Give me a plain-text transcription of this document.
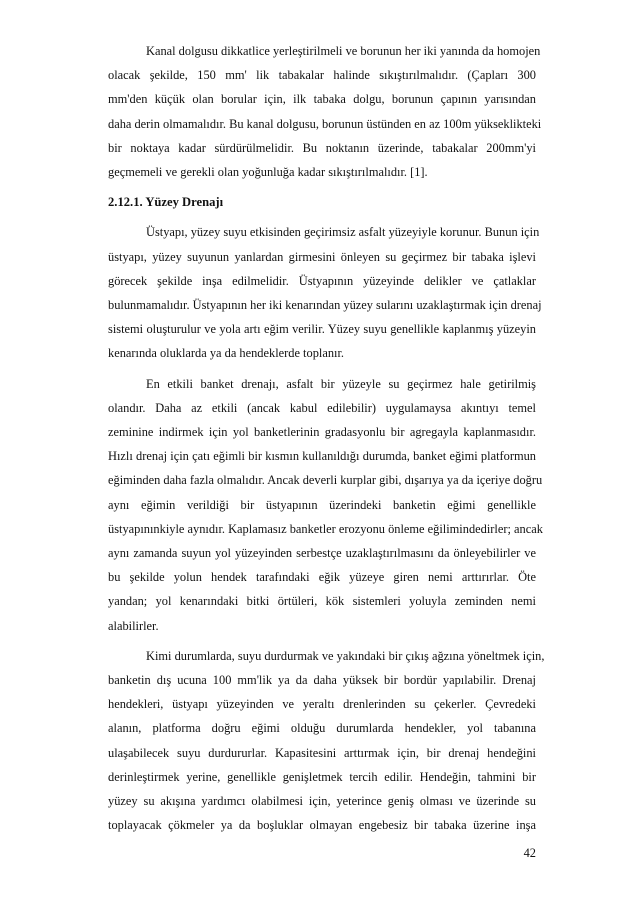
Kanal dolgusu dikkatlice yerleştirilmeli ve borunun her iki yanında da homojen
olacak şekilde, 150 mm' lik tabakalar halinde sıkıştırılmalıdır. (Çapları 300
mm'den küçük olan borular için, ilk tabaka dolgu, borunun çapının yarısından
daha derin olmamalıdır. Bu kanal dolgusu, borunun üstünden en az 100m yükseklikteki
bir noktaya kadar sürdürülmelidir. Bu noktanın üzerinde, tabakalar 200mm'yi
geçmemeli ve gerekli olan yoğunluğa kadar sıkıştırılmalıdır. [1].
2.12.1. Yüzey Drenajı
Üstyapı, yüzey suyu etkisinden geçirimsiz asfalt yüzeyiyle korunur. Bunun için
üstyapı, yüzey suyunun yanlardan girmesini önleyen su geçirmez bir tabaka işlevi
görecek şekilde inşa edilmelidir. Üstyapının yüzeyinde delikler ve çatlaklar
bulunmamalıdır. Üstyapının her iki kenarından yüzey sularını uzaklaştırmak için drenaj
sistemi oluşturulur ve yola artı eğim verilir. Yüzey suyu genellikle kaplanmış yüzeyin
kenarında oluklarda ya da hendeklerde toplanır.
En etkili banket drenajı, asfalt bir yüzeyle su geçirmez hale getirilmiş
olandır. Daha az etkili (ancak kabul edilebilir) uygulamaysa akıntıyı temel
zeminine indirmek için yol banketlerinin gradasyonlu bir agregayla kaplanmasıdır.
Hızlı drenaj için çatı eğimli bir kısmın kullanıldığı durumda, banket eğimi platformun
eğiminden daha fazla olmalıdır. Ancak deverli kurplar gibi, dışarıya ya da içeriye doğru
aynı eğimin verildiği bir üstyapının üzerindeki banketin eğimi genellikle
üstyapınınkiyle aynıdır. Kaplamasız banketler erozyonu önleme eğilimindedirler; ancak
aynı zamanda suyun yol yüzeyinden serbestçe uzaklaştırılmasını da önleyebilirler ve
bu şekilde yolun hendek tarafındaki eğik yüzeye giren nemi arttırırlar. Öte
yandan; yol kenarındaki bitki örtüleri, kök sistemleri yoluyla zeminden nemi
alabilirler.
Kimi durumlarda, suyu durdurmak ve yakındaki bir çıkış ağzına yöneltmek için,
banketin dış ucuna 100 mm'lik ya da daha yüksek bir bordür yapılabilir. Drenaj
hendekleri, üstyapı yüzeyinden ve yeraltı drenlerinden su çekerler. Çevredeki
alanın, platforma doğru eğimi olduğu durumlarda hendekler, yol tabanına
ulaşabilecek suyu durdururlar. Kapasitesini arttırmak için, bir drenaj hendeğini
derinleştirmek yerine, genellikle genişletmek tercih edilir. Hendeğin, tahmini bir
yüzey su akışına yardımcı olabilmesi için, yeterince geniş olması ve üzerinde su
toplayacak çökmeler ya da boşluklar olmayan engebesiz bir tabaka üzerine inşa
42
